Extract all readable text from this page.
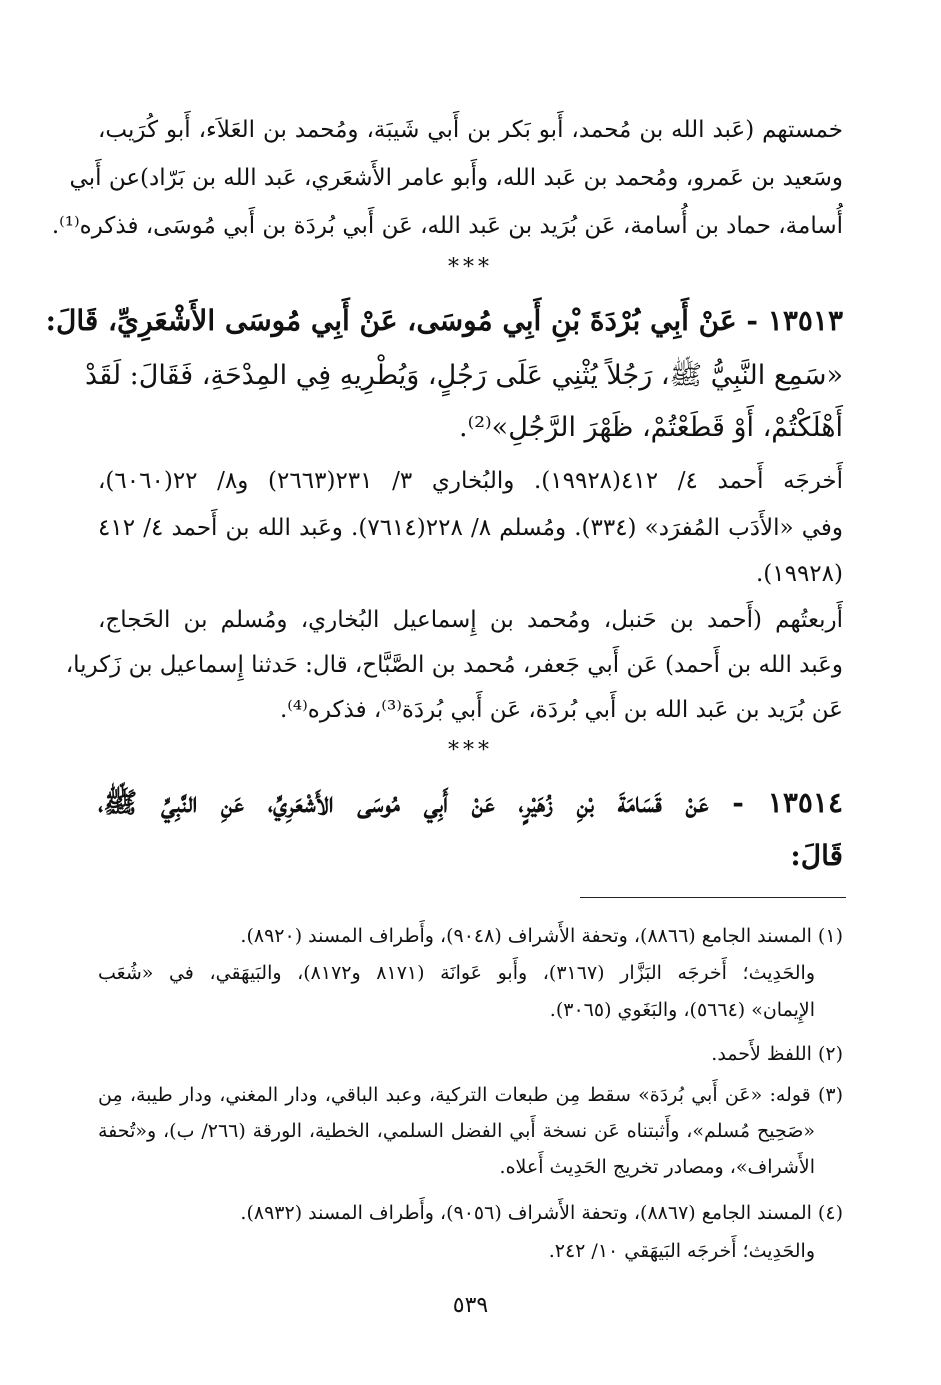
خمستهم (عَبد الله بن مُحمد، أَبو بَكر بن أَبي شَيبَة، ومُحمد بن العَلاَء، أَبو كُرَيب،
وسَعيد بن عَمرو، ومُحمد بن عَبد الله، وأَبو عامر الأَشعَري، عَبد الله بن بَرّاد)عن أَبي
أُسامة، حماد بن أُسامة، عَن بُرَيد بن عَبد الله، عَن أَبي بُردَة بن أَبي مُوسَى، فذكره⁽¹⁾.
***
١٣٥١٣ - عَنْ أَبِي بُرْدَةَ بْنِ أَبِي مُوسَى، عَنْ أَبِي مُوسَى الأَشْعَرِيِّ، قَالَ:
«سَمِع النَّبِيُّ ﷺ، رَجُلاً يُثْنِي عَلَى رَجُلٍ، وَيُطْرِيهِ فِي المِدْحَةِ، فَقَالَ: لَقَدْ
أَهْلَكْتُمْ، أَوْ قَطَعْتُمْ، ظَهْرَ الرَّجُلِ»⁽²⁾.
أَخرجَه أَحمد ٤/ ٤١٢(١٩٩٢٨). والبُخاري ٣/ ٢٣١(٢٦٦٣) و٨/ ٢٢(٦٠٦٠)،
وفي «الأَدَب المُفرَد» (٣٣٤). ومُسلم ٨/ ٢٢٨(٧٦١٤). وعَبد الله بن أَحمد ٤/ ٤١٢
(١٩٩٢٨).
أَربعتُهم (أَحمد بن حَنبل، ومُحمد بن إِسماعيل البُخاري، ومُسلم بن الحَجاج،
وعَبد الله بن أَحمد) عَن أَبي جَعفر، مُحمد بن الصَّبَّاح، قال: حَدثنا إِسماعيل بن زَكريا،
عَن بُرَيد بن عَبد الله بن أَبي بُردَة، عَن أَبي بُردَة⁽³⁾، فذكره⁽⁴⁾.
***
١٣٥١٤ - عَنْ قَسَامَةَ بْنِ زُهَيْرٍ، عَنْ أَبِي مُوسَى الأَشْعَرِيِّ، عَنِ النَّبِيِّ ﷺ،
قَالَ:
(١) المسند الجامع (٨٨٦٦)، وتحفة الأَشراف (٩٠٤٨)، وأَطراف المسند (٨٩٢٠).
والحَدِيث؛ أَخرجَه البَزَّار (٣١٦٧)، وأَبو عَوانَة (٨١٧١ و٨١٧٢)، والبَيهَقي، في «شُعَب
الإِيمان» (٥٦٦٤)، والبَغَوي (٣٠٦٥).
(٢) اللفظ لأَحمد.
(٣) قوله: «عَن أَبي بُردَة» سقط مِن طبعات التركية، وعبد الباقي، ودار المغني، ودار طيبة، مِن
«صَحِيح مُسلم»، وأَثبتناه عَن نسخة أَبي الفضل السلمي، الخطية، الورقة (٢٦٦/ ب)، و«تُحفة
الأَشراف»، ومصادر تخريج الحَدِيث أَعلاه.
(٤) المسند الجامع (٨٨٦٧)، وتحفة الأَشراف (٩٠٥٦)، وأَطراف المسند (٨٩٣٢).
والحَدِيث؛ أَخرجَه البَيهَقي ١٠/ ٢٤٢.
٥٣٩
